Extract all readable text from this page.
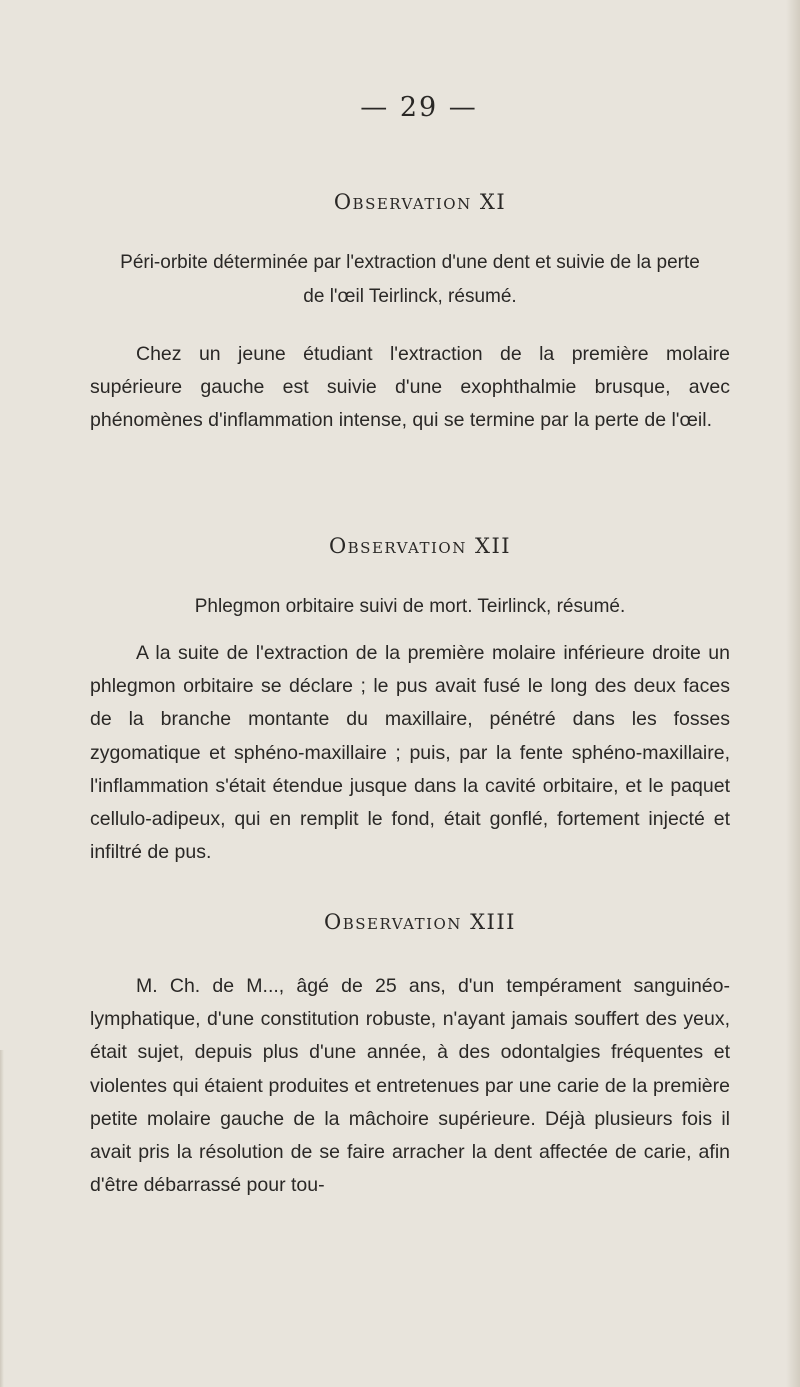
— 29 —
Observation XI
Péri-orbite déterminée par l'extraction d'une dent et suivie de la perte de l'œil Teirlinck, résumé.

Chez un jeune étudiant l'extraction de la première molaire supérieure gauche est suivie d'une exophthalmie brusque, avec phénomènes d'inflammation intense, qui se termine par la perte de l'œil.

Observation XII
Phlegmon orbitaire suivi de mort. Teirlinck, résumé.

A la suite de l'extraction de la première molaire inférieure droite un phlegmon orbitaire se déclare ; le pus avait fusé le long des deux faces de la branche montante du maxillaire, pénétré dans les fosses zygomatique et sphéno-maxillaire ; puis, par la fente sphéno-maxillaire, l'inflammation s'était étendue jusque dans la cavité orbitaire, et le paquet cellulo-adipeux, qui en remplit le fond, était gonflé, fortement injecté et infiltré de pus.

Observation XIII

M. Ch. de M..., âgé de 25 ans, d'un tempérament sanguinéo-lymphatique, d'une constitution robuste, n'ayant jamais souffert des yeux, était sujet, depuis plus d'une année, à des odontalgies fréquentes et violentes qui étaient produites et entretenues par une carie de la première petite molaire gauche de la mâchoire supérieure. Déjà plusieurs fois il avait pris la résolution de se faire arracher la dent affectée de carie, afin d'être débarrassé pour tou-
